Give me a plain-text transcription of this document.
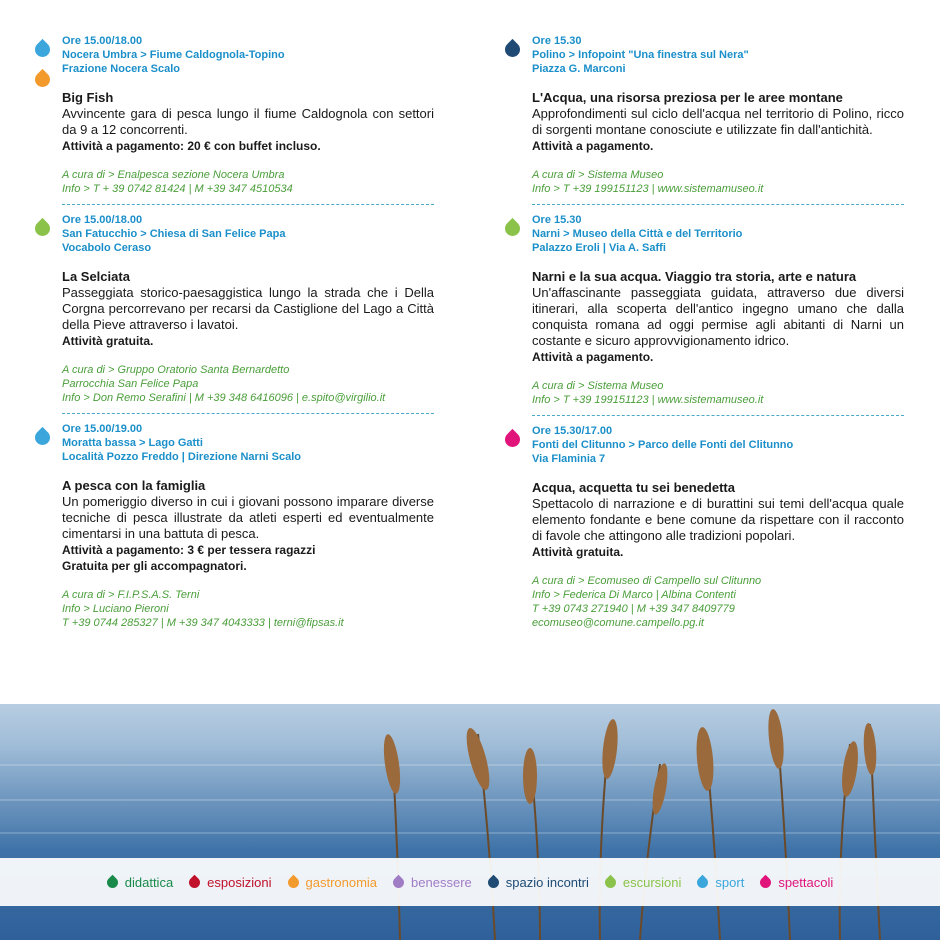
Ore 15.00/18.00
Nocera Umbra > Fiume Caldognola-Topino
Frazione Nocera Scalo
Big Fish
Avvincente gara di pesca lungo il fiume Caldognola con settori da 9 a 12 concorrenti.
Attività a pagamento: 20 € con buffet incluso.
A cura di > Enalpesca sezione Nocera Umbra
Info > T + 39 0742 81424 | M +39 347 4510534
Ore 15.00/18.00
San Fatucchio > Chiesa di San Felice Papa
Vocabolo Ceraso
La Selciata
Passeggiata storico-paesaggistica lungo la strada che i Della Corgna percorrevano per recarsi da Castiglione del Lago a Città della Pieve attraverso i lavatoi.
Attività gratuita.
A cura di > Gruppo Oratorio Santa Bernardetto
Parrocchia San Felice Papa
Info > Don Remo Serafini | M +39 348 6416096 | e.spito@virgilio.it
Ore 15.00/19.00
Moratta bassa > Lago Gatti
Località Pozzo Freddo | Direzione Narni Scalo
A pesca con la famiglia
Un pomeriggio diverso in cui i giovani possono imparare diverse tecniche di pesca illustrate da atleti esperti ed eventualmente cimentarsi in una battuta di pesca.
Attività a pagamento: 3 € per tessera ragazzi
Gratuita per gli accompagnatori.
A cura di > F.I.P.S.A.S. Terni
Info > Luciano Pieroni
T +39 0744 285327 | M +39 347 4043333 | terni@fipsas.it
Ore 15.30
Polino > Infopoint "Una finestra sul Nera"
Piazza G. Marconi
L'Acqua, una risorsa preziosa per le aree montane
Approfondimenti sul ciclo dell'acqua nel territorio di Polino, ricco di sorgenti montane conosciute e utilizzate fin dall'antichità.
Attività a pagamento.
A cura di > Sistema Museo
Info > T +39 199151123 | www.sistemamuseo.it
Ore 15.30
Narni > Museo della Città e del Territorio
Palazzo Eroli | Via A. Saffi
Narni e la sua acqua. Viaggio tra storia, arte e natura
Un'affascinante passeggiata guidata, attraverso due diversi itinerari, alla scoperta dell'antico ingegno umano che dalla conquista romana ad oggi permise agli abitanti di Narni un costante e sicuro approvvigionamento idrico.
Attività a pagamento.
A cura di > Sistema Museo
Info > T +39 199151123 | www.sistemamuseo.it
Ore 15.30/17.00
Fonti del Clitunno > Parco delle Fonti del Clitunno
Via Flaminia 7
Acqua, acquetta tu sei benedetta
Spettacolo di narrazione e di burattini sui temi dell'acqua quale elemento fondante e bene comune da rispettare con il racconto di favole che attingono alle tradizioni popolari.
Attività gratuita.
A cura di > Ecomuseo di Campello sul Clitunno
Info > Federica Di Marco | Albina Contenti
T +39 0743 271940 | M +39 347 8409779
ecomuseo@comune.campello.pg.it
didattica	esposizioni	gastronomia	benessere	spazio incontri	escursioni	sport	spettacoli
